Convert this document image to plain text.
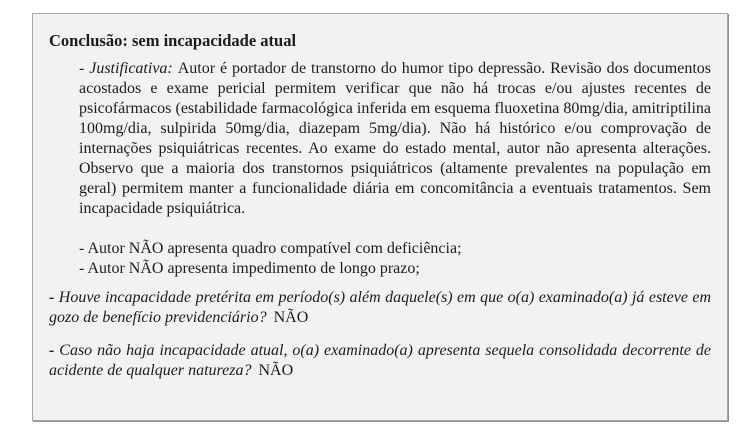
Conclusão: sem incapacidade atual

- Justificativa: Autor é portador de transtorno do humor tipo depressão. Revisão dos documentos acostados e exame pericial permitem verificar que não há trocas e/ou ajustes recentes de psicofármacos (estabilidade farmacológica inferida em esquema fluoxetina 80mg/dia, amitriptilina 100mg/dia, sulpirida 50mg/dia, diazepam 5mg/dia). Não há histórico e/ou comprovação de internações psiquiátricas recentes. Ao exame do estado mental, autor não apresenta alterações. Observo que a maioria dos transtornos psiquiátricos (altamente prevalentes na população em geral) permitem manter a funcionalidade diária em concomitância a eventuais tratamentos. Sem incapacidade psiquiátrica.

- Autor NÃO apresenta quadro compatível com deficiência;

- Autor NÃO apresenta impedimento de longo prazo;

- Houve incapacidade pretérita em período(s) além daquele(s) em que o(a) examinado(a) já esteve em gozo de benefício previdenciário? NÃO

- Caso não haja incapacidade atual, o(a) examinado(a) apresenta sequela consolidada decorrente de acidente de qualquer natureza? NÃO
